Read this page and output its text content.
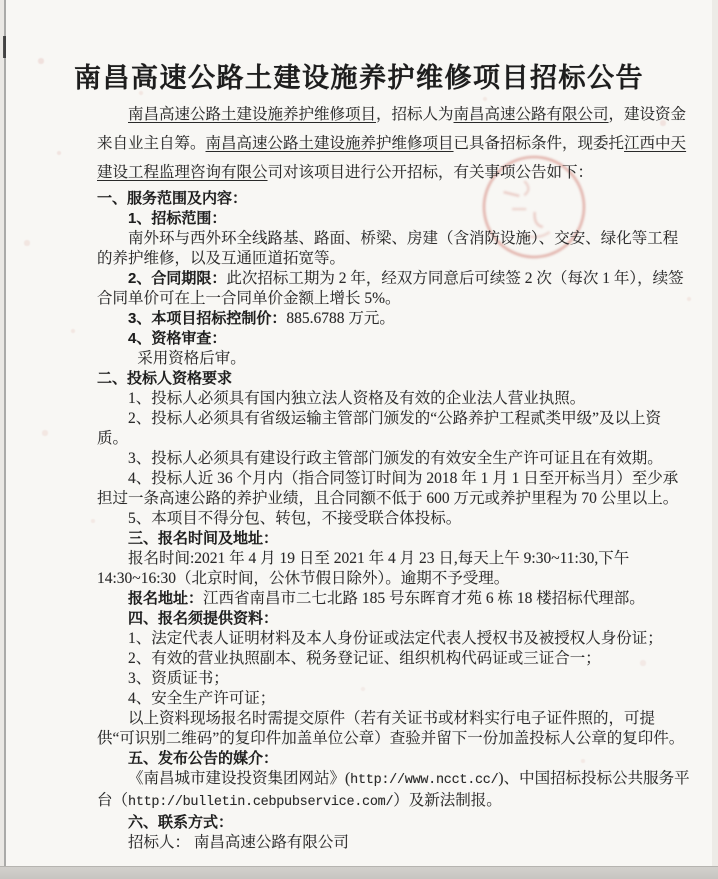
南昌高速公路土建设施养护维修项目招标公告
南昌高速公路土建设施养护维修项目，招标人为南昌高速公路有限公司，建设资金来自业主自筹。南昌高速公路土建设施养护维修项目已具备招标条件，现委托江西中天建设工程监理咨询有限公司对该项目进行公开招标，有关事项公告如下：
一、服务范围及内容：
1、招标范围：
南外环与西外环全线路基、路面、桥梁、房建（含消防设施）、交安、绿化等工程的养护维修，以及互通匝道拓宽等。
2、合同期限：此次招标工期为 2 年，经双方同意后可续签 2 次（每次 1 年），续签合同单价可在上一合同单价金额上增长 5%。
3、本项目招标控制价：885.6788 万元。
4、资格审查：
采用资格后审。
二、投标人资格要求
1、投标人必须具有国内独立法人资格及有效的企业法人营业执照。
2、投标人必须具有省级运输主管部门颁发的“公路养护工程贰类甲级”及以上资质。
3、投标人必须具有建设行政主管部门颁发的有效安全生产许可证且在有效期。
4、投标人近 36 个月内（指合同签订时间为 2018 年 1 月 1 日至开标当月）至少承担过一条高速公路的养护业绩，且合同额不低于 600 万元或养护里程为 70 公里以上。
5、本项目不得分包、转包，不接受联合体投标。
三、报名时间及地址：
报名时间:2021 年 4 月 19 日至 2021 年 4 月 23 日,每天上午 9:30~11:30,下午 14:30~16:30（北京时间，公休节假日除外）。逾期不予受理。
报名地址：江西省南昌市二七北路 185 号东晖育才苑 6 栋 18 楼招标代理部。
四、报名须提供资料：
1、法定代表人证明材料及本人身份证或法定代表人授权书及被授权人身份证；
2、有效的营业执照副本、税务登记证、组织机构代码证或三证合一；
3、资质证书；
4、安全生产许可证；
以上资料现场报名时需提交原件（若有关证书或材料实行电子证件照的，可提供“可识别二维码”的复印件加盖单位公章）查验并留下一份加盖投标人公章的复印件。
五、发布公告的媒介：
《南昌城市建设投资集团网站》(http://www.ncct.cc/)、中国招标投标公共服务平台（http://bulletin.cebpubservice.com/）及新法制报。
六、联系方式：
招标人： 南昌高速公路有限公司
